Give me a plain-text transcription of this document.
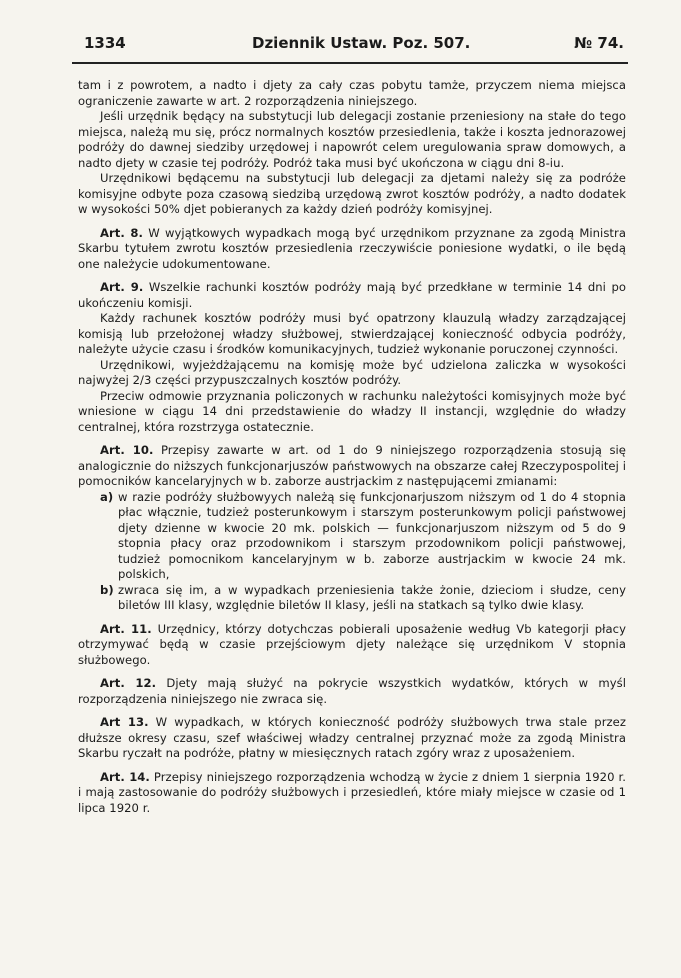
1334	Dziennik Ustaw. Poz. 507.	№ 74.

tam i z powrotem, a nadto i djety za cały czas pobytu tamże, przyczem niema miejsca ograniczenie zawarte w art. 2 rozporządzenia niniejszego.

Jeśli urzędnik będący na substytucji lub delegacji zostanie przeniesiony na stałe do tego miejsca, należą mu się, prócz normalnych kosztów przesiedlenia, także i koszta jednorazowej podróży do dawnej siedziby urzędowej i napowrót celem uregulowania spraw domowych, a nadto djety w czasie tej podróży. Podróż taka musi być ukończona w ciągu dni 8-iu.

Urzędnikowi będącemu na substytucji lub delegacji za djetami należy się za podróże komisyjne odbyte poza czasową siedzibą urzędową zwrot kosztów podróży, a nadto dodatek w wysokości 50% djet pobieranych za każdy dzień podróży komisyjnej.

Art. 8. W wyjątkowych wypadkach mogą być urzędnikom przyznane za zgodą Ministra Skarbu tytułem zwrotu kosztów przesiedlenia rzeczywiście poniesione wydatki, o ile będą one należycie udokumentowane.

Art. 9. Wszelkie rachunki kosztów podróży mają być przedkłane w terminie 14 dni po ukończeniu komisji.

Każdy rachunek kosztów podróży musi być opatrzony klauzulą władzy zarządzającej komisją lub przełożonej władzy służbowej, stwierdzającej konieczność odbycia podróży, należyte użycie czasu i środków komunikacyjnych, tudzież wykonanie poruczonej czynności.

Urzędnikowi, wyjeżdżającemu na komisję może być udzielona zaliczka w wysokości najwyżej 2/3 części przypuszczalnych kosztów podróży.

Przeciw odmowie przyznania policzonych w rachunku należytości komisyjnych może być wniesione w ciągu 14 dni przedstawienie do władzy II instancji, względnie do władzy centralnej, która rozstrzyga ostatecznie.

Art. 10. Przepisy zawarte w art. od 1 do 9 niniejszego rozporządzenia stosują się analogicznie do niższych funkcjonarjuszów państwowych na obszarze całej Rzeczypospolitej i pomocników kancelaryjnych w b. zaborze austrjackim z następującemi zmianami:

a) w razie podróży służbowyych należą się funkcjonarjuszom niższym od 1 do 4 stopnia płac włącznie, tudzież posterunkowym i starszym posterunkowym policji państwowej djety dzienne w kwocie 20 mk. polskich — funkcjonarjuszom niższym od 5 do 9 stopnia płacy oraz przodownikom i starszym przodownikom policji państwowej, tudzież pomocnikom kancelaryjnym w b. zaborze austrjackim w kwocie 24 mk. polskich,
b) zwraca się im, a w wypadkach przeniesienia także żonie, dzieciom i słudze, ceny biletów III klasy, względnie biletów II klasy, jeśli na statkach są tylko dwie klasy.

Art. 11. Urzędnicy, którzy dotychczas pobierali uposażenie według Vb kategorji płacy otrzymywać będą w czasie przejściowym djety należące się urzędnikom V stopnia służbowego.

Art. 12. Djety mają służyć na pokrycie wszystkich wydatków, których w myśl rozporządzenia niniejszego nie zwraca się.

Art 13. W wypadkach, w których konieczność podróży służbowych trwa stale przez dłuższe okresy czasu, szef właściwej władzy centralnej przyznać może za zgodą Ministra Skarbu ryczałt na podróże, płatny w miesięcznych ratach zgóry wraz z uposażeniem.

Art. 14. Przepisy niniejszego rozporządzenia wchodzą w życie z dniem 1 sierpnia 1920 r. i mają zastosowanie do podróży służbowych i przesiedleń, które miały miejsce w czasie od 1 lipca 1920 r.
